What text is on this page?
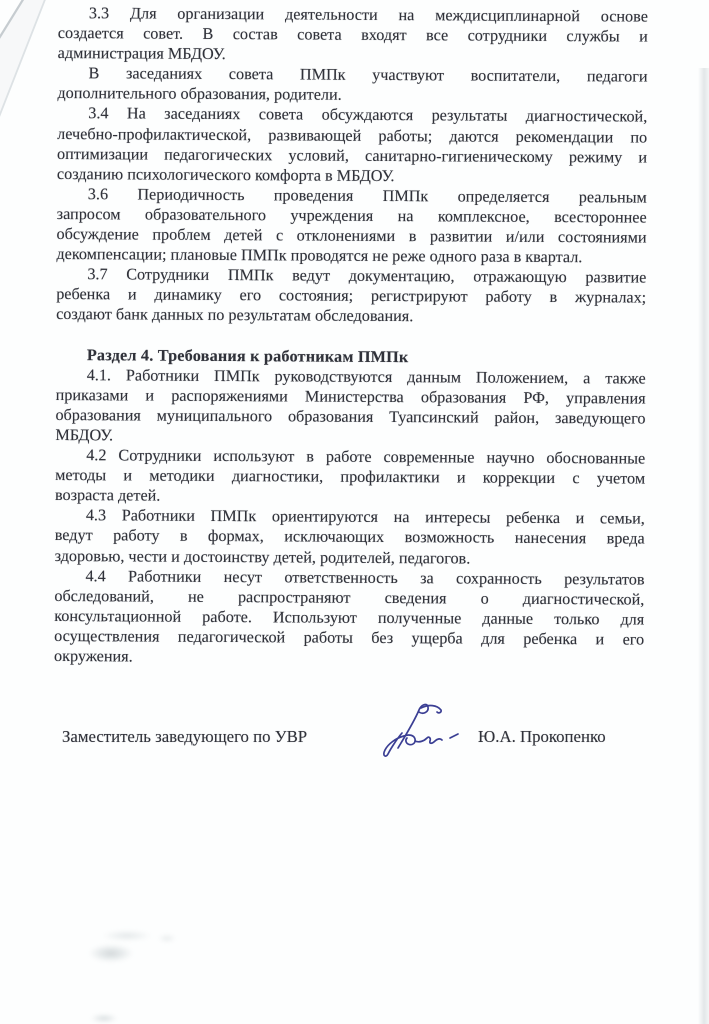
3.3 Для организации деятельности на междисциплинарной основе
создается совет. В состав совета входят все сотрудники службы и
администрация МБДОУ.
В заседаниях совета ПМПк участвуют воспитатели, педагоги
дополнительного образования, родители.
3.4 На заседаниях совета обсуждаются результаты диагностической,
лечебно-профилактической, развивающей работы; даются рекомендации по
оптимизации педагогических условий, санитарно-гигиеническому режиму и
созданию психологического комфорта в МБДОУ.
3.6 Периодичность проведения ПМПк определяется реальным
запросом образовательного учреждения на комплексное, всестороннее
обсуждение проблем детей с отклонениями в развитии и/или состояниями
декомпенсации; плановые ПМПк проводятся не реже одного раза в квартал.
3.7 Сотрудники ПМПк ведут документацию, отражающую развитие
ребенка и динамику его состояния; регистрируют работу в журналах;
создают банк данных по результатам обследования.
Раздел 4. Требования к работникам ПМПк
4.1. Работники ПМПк руководствуются данным Положением, а также
приказами и распоряжениями Министерства образования РФ, управления
образования муниципального образования Туапсинский район, заведующего
МБДОУ.
4.2 Сотрудники используют в работе современные научно обоснованные
методы и методики диагностики, профилактики и коррекции с учетом
возраста детей.
4.3 Работники ПМПк ориентируются на интересы ребенка и семьи,
ведут работу в формах, исключающих возможность нанесения вреда
здоровью, чести и достоинству детей, родителей, педагогов.
4.4 Работники несут ответственность за сохранность результатов
обследований, не распространяют сведения о диагностической,
консультационной работе. Используют полученные данные только для
осуществления педагогической работы без ущерба для ребенка и его
окружения.
Заместитель заведующего по УВР	Ю.А. Прокопенко
